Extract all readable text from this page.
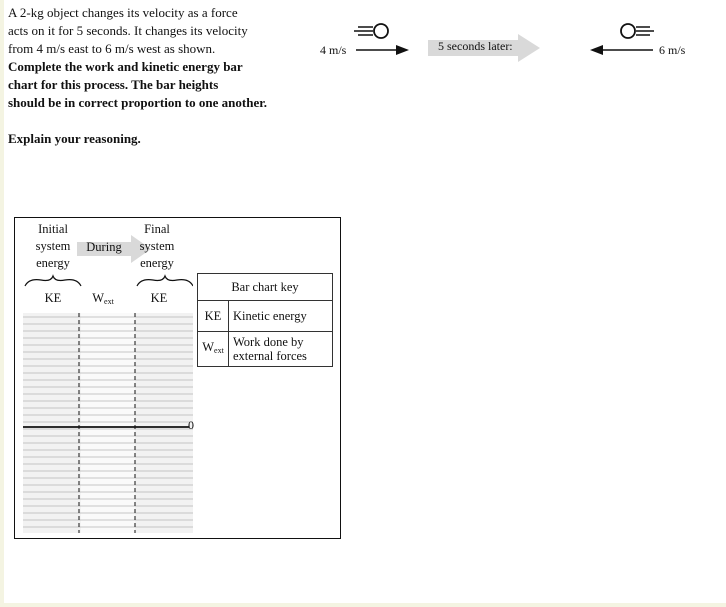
A 2-kg object changes its velocity as a force

acts on it for 5 seconds. It changes its velocity

from 4 m/s east to 6 m/s west as shown.

Complete the work and kinetic energy bar

chart for this process. The bar heights

should be in correct proportion to one another.

Explain your reasoning.

4 m/s	5 seconds later:	6 m/s
Initial
system
energy
During
Final
system
energy
KE	$W_{ext}$	KE
0
Bar chart key	
KE	Kinetic energy
$W_{ext}$	Work done by
external forces
